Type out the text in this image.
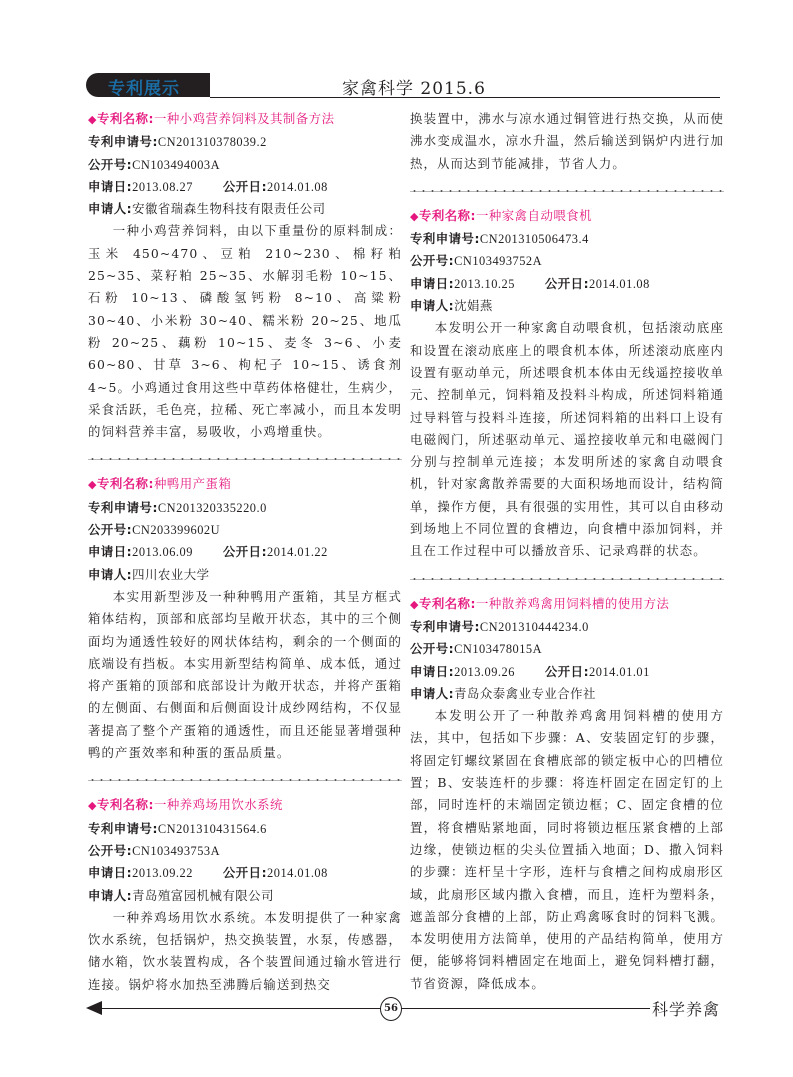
专利展示	家禽科学 2015.6
◆专利名称:一种小鸡营养饲料及其制备方法
专利申请号:CN201310378039.2
公开号:CN103494003A
申请日:2013.08.27 公开日:2014.01.08
申请人:安徽省瑞森生物科技有限责任公司
一种小鸡营养饲料，由以下重量份的原料制成：玉米 450~470、豆粕 210~230、棉籽粕 25~35、菜籽粕 25~35、水解羽毛粉 10~15、石粉 10~13、磷酸氢钙粉 8~10、高粱粉 30~40、小米粉 30~40、糯米粉 20~25、地瓜粉 20~25、藕粉 10~15、麦冬 3~6、小麦 60~80、甘草 3~6、枸杞子 10~15、诱食剂 4~5。小鸡通过食用这些中草药体格健壮，生病少，采食活跃，毛色亮，拉稀、死亡率减小，而且本发明的饲料营养丰富，易吸收，小鸡增重快。
◆专利名称:种鸭用产蛋箱
专利申请号:CN201320335220.0
公开号:CN203399602U
申请日:2013.06.09 公开日:2014.01.22
申请人:四川农业大学
本实用新型涉及一种种鸭用产蛋箱，其呈方框式箱体结构，顶部和底部均呈敞开状态，其中的三个侧面均为通透性较好的网状体结构，剩余的一个侧面的底端设有挡板。本实用新型结构简单、成本低，通过将产蛋箱的顶部和底部设计为敞开状态，并将产蛋箱的左侧面、右侧面和后侧面设计成纱网结构，不仅显著提高了整个产蛋箱的通透性，而且还能显著增强种鸭的产蛋效率和种蛋的蛋品质量。
◆专利名称:一种养鸡场用饮水系统
专利申请号:CN201310431564.6
公开号:CN103493753A
申请日:2013.09.22 公开日:2014.01.08
申请人:青岛殖富园机械有限公司
一种养鸡场用饮水系统。本发明提供了一种家禽饮水系统，包括锅炉，热交换装置，水泵，传感器，储水箱，饮水装置构成，各个装置间通过输水管进行连接。锅炉将水加热至沸腾后输送到热交
换装置中，沸水与凉水通过铜管进行热交换，从而使沸水变成温水，凉水升温，然后输送到锅炉内进行加热，从而达到节能减排，节省人力。
◆专利名称:一种家禽自动喂食机
专利申请号:CN201310506473.4
公开号:CN103493752A
申请日:2013.10.25 公开日:2014.01.08
申请人:沈娟燕
本发明公开一种家禽自动喂食机，包括滚动底座和设置在滚动底座上的喂食机本体，所述滚动底座内设置有驱动单元，所述喂食机本体由无线遥控接收单元、控制单元，饲料箱及投料斗构成，所述饲料箱通过导料管与投料斗连接，所述饲料箱的出料口上设有电磁阀门，所述驱动单元、遥控接收单元和电磁阀门分别与控制单元连接；本发明所述的家禽自动喂食机，针对家禽散养需要的大面积场地而设计，结构简单，操作方便，具有很强的实用性，其可以自由移动到场地上不同位置的食槽边，向食槽中添加饲料，并且在工作过程中可以播放音乐、记录鸡群的状态。
◆专利名称:一种散养鸡禽用饲料槽的使用方法
专利申请号:CN201310444234.0
公开号:CN103478015A
申请日:2013.09.26 公开日:2014.01.01
申请人:青岛众泰禽业专业合作社
本发明公开了一种散养鸡禽用饲料槽的使用方法，其中，包括如下步骤：A、安装固定钉的步骤，将固定钉螺纹紧固在食槽底部的锁定板中心的凹槽位置；B、安装连杆的步骤：将连杆固定在固定钉的上部，同时连杆的末端固定锁边框；C、固定食槽的位置，将食槽贴紧地面，同时将锁边框压紧食槽的上部边缘，使锁边框的尖头位置插入地面；D、撒入饲料的步骤：连杆呈十字形，连杆与食槽之间构成扇形区域，此扇形区域内撒入食槽，而且，连杆为塑料条，遮盖部分食槽的上部，防止鸡禽啄食时的饲料飞溅。本发明使用方法简单，使用的产品结构简单，使用方便，能够将饲料槽固定在地面上，避免饲料槽打翻，节省资源，降低成本。
56	科学养禽
